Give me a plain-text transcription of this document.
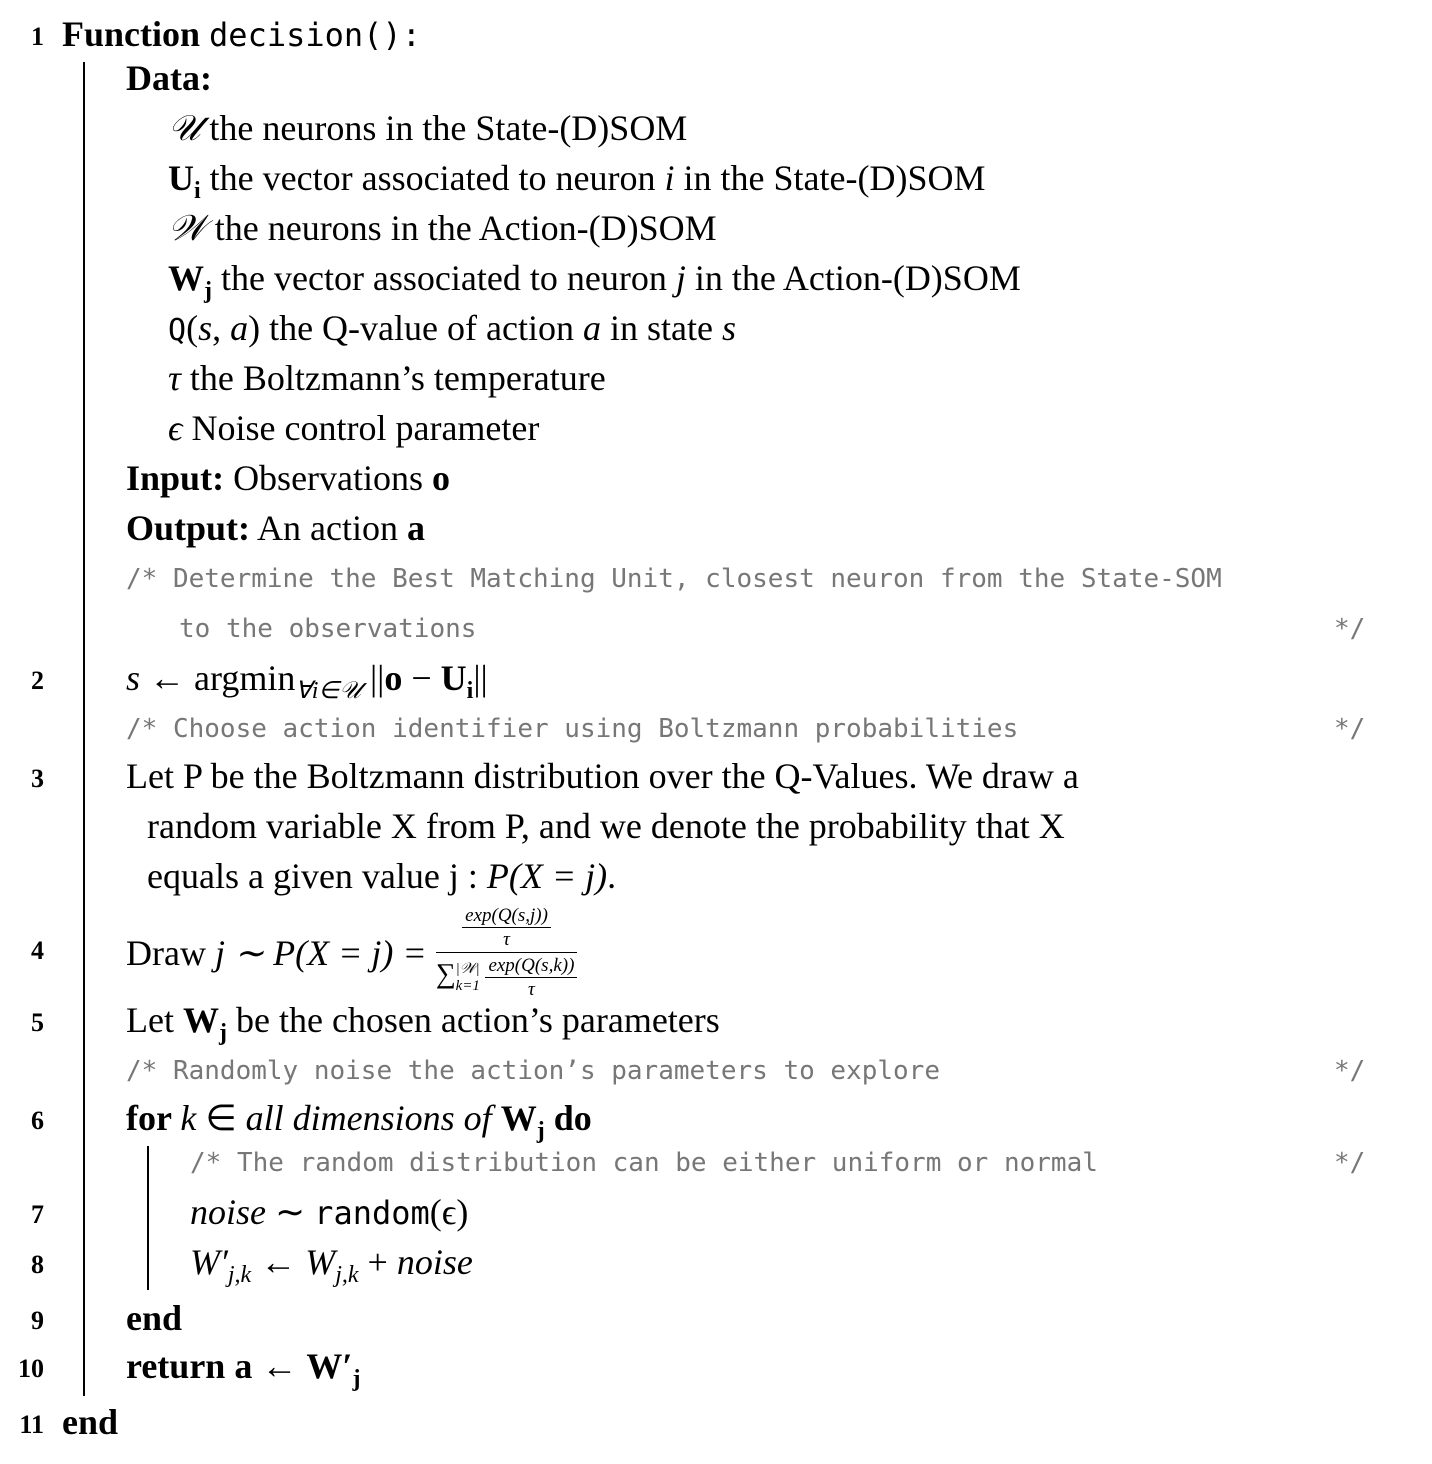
1
2
3
4
5
6
7
8
9
10
11
Function decision():
Data:
𝒰 the neurons in the State-(D)SOM
$U_i$ the vector associated to neuron i in the State-(D)SOM
𝒲 the neurons in the Action-(D)SOM
$W_j$ the vector associated to neuron j in the Action-(D)SOM
Q(s, a) the Q-value of action a in state s
τ the Boltzmann’s temperature
ϵ Noise control parameter
Input: Observations o
Output: An action a
/* Determine the Best Matching Unit, closest neuron from the State-SOM
to the observations	*/
s ← argmin$_{\forall i\in 𝒰}$ $||o - U_i||$
/* Choose action identifier using Boltzmann probabilities	*/
Let P be the Boltzmann distribution over the Q-Values. We draw a
random variable X from P, and we denote the probability that X
equals a given value j : P(X = j).
Draw j ∼ P(X = j) =
$\frac{\exp(Q(s,j))}{\tau}$
∑ |𝒲|
k=1
$\frac{\exp(Q(s,k))}{\tau}$
Let $W_j$ be the chosen action’s parameters
/* Randomly noise the action’s parameters to explore	*/
for k ∈ all dimensions of $W_j$ do
/* The random distribution can be either uniform or normal	*/
noise ∼ random(ϵ)
$W'_{j,k}$ ← $W_{j,k}$ + noise
end
return a ← $W'_j$
end
